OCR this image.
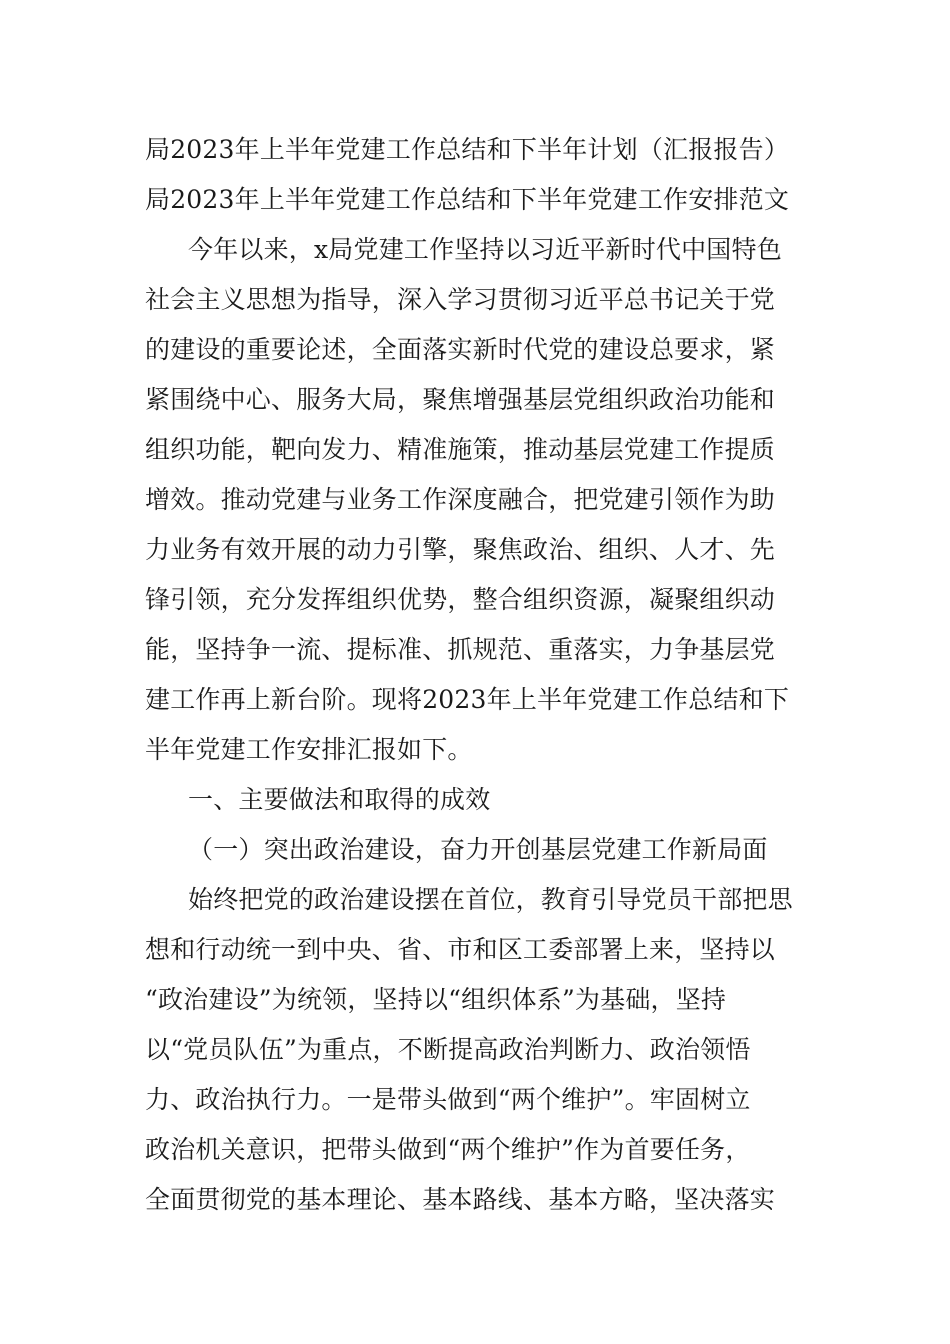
局2023年上半年党建工作总结和下半年计划（汇报报告）
局2023年上半年党建工作总结和下半年党建工作安排范文
今年以来，x局党建工作坚持以习近平新时代中国特色
社会主义思想为指导，深入学习贯彻习近平总书记关于党
的建设的重要论述，全面落实新时代党的建设总要求，紧
紧围绕中心、服务大局，聚焦增强基层党组织政治功能和
组织功能，靶向发力、精准施策，推动基层党建工作提质
增效。推动党建与业务工作深度融合，把党建引领作为助
力业务有效开展的动力引擎，聚焦政治、组织、人才、先
锋引领，充分发挥组织优势，整合组织资源，凝聚组织动
能，坚持争一流、提标准、抓规范、重落实，力争基层党
建工作再上新台阶。现将2023年上半年党建工作总结和下
半年党建工作安排汇报如下。
一、主要做法和取得的成效
（一）突出政治建设，奋力开创基层党建工作新局面
始终把党的政治建设摆在首位，教育引导党员干部把思
想和行动统一到中央、省、市和区工委部署上来，坚持以
“政治建设”为统领，坚持以“组织体系”为基础，坚持
以“党员队伍”为重点，不断提高政治判断力、政治领悟
力、政治执行力。一是带头做到“两个维护”。牢固树立
政治机关意识，把带头做到“两个维护”作为首要任务，
全面贯彻党的基本理论、基本路线、基本方略，坚决落实
